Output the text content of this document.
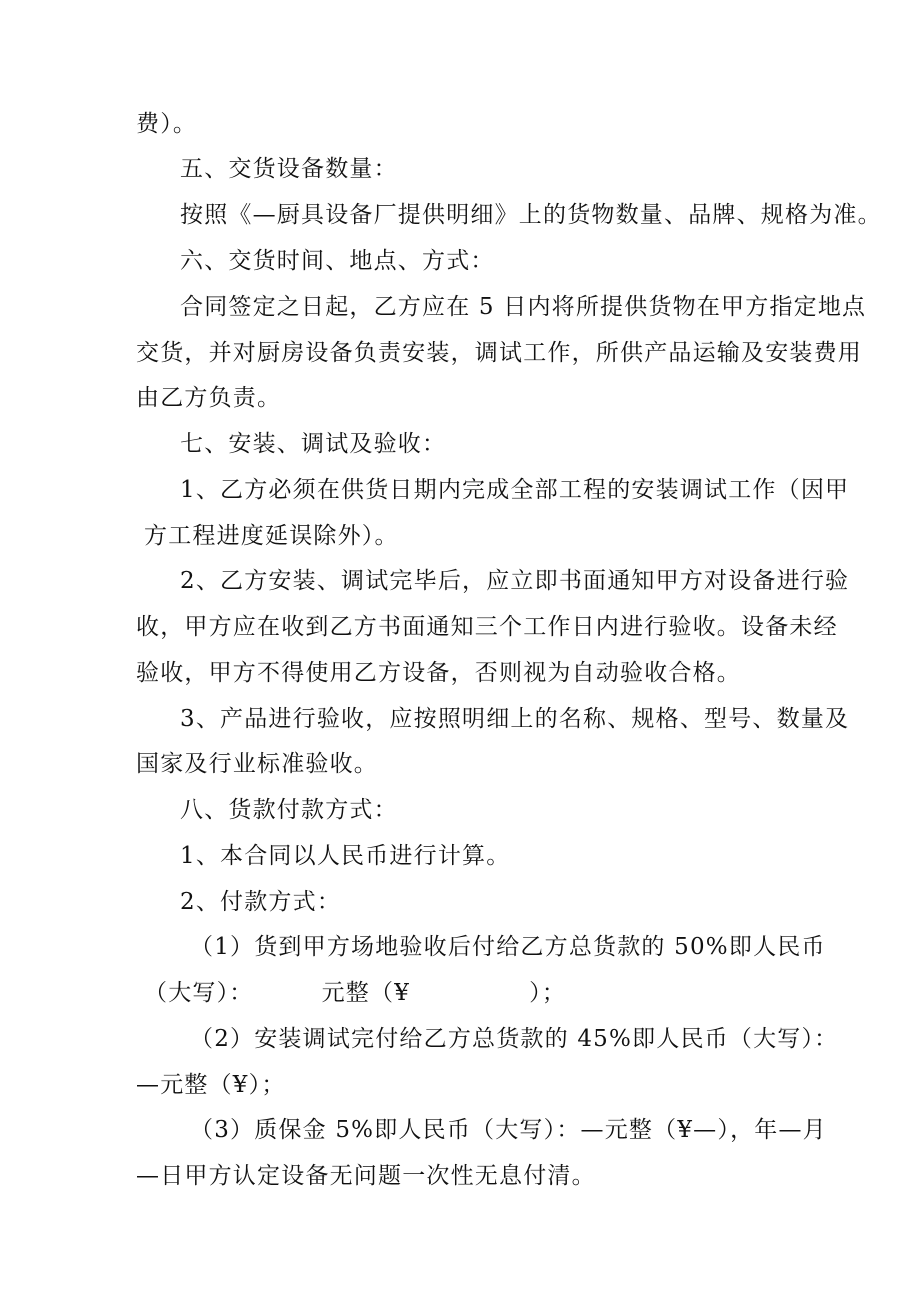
费）。
五、交货设备数量：
按照《—厨具设备厂提供明细》上的货物数量、品牌、规格为准。
六、交货时间、地点、方式：
合同签定之日起，乙方应在 5 日内将所提供货物在甲方指定地点
交货，并对厨房设备负责安装，调试工作，所供产品运输及安装费用
由乙方负责。
七、安装、调试及验收：
1、乙方必须在供货日期内完成全部工程的安装调试工作（因甲
方工程进度延误除外）。
2、乙方安装、调试完毕后，应立即书面通知甲方对设备进行验
收，甲方应在收到乙方书面通知三个工作日内进行验收。设备未经
验收，甲方不得使用乙方设备，否则视为自动验收合格。
3、产品进行验收，应按照明细上的名称、规格、型号、数量及
国家及行业标准验收。
八、货款付款方式：
1、本合同以人民币进行计算。
2、付款方式：
（1）货到甲方场地验收后付给乙方总货款的 50%即人民币
（大写）：        元整（¥              ）；
（2）安装调试完付给乙方总货款的 45%即人民币（大写）：
—元整（¥）；
（3）质保金 5%即人民币（大写）：—元整（¥—），年—月
—日甲方认定设备无问题一次性无息付清。
